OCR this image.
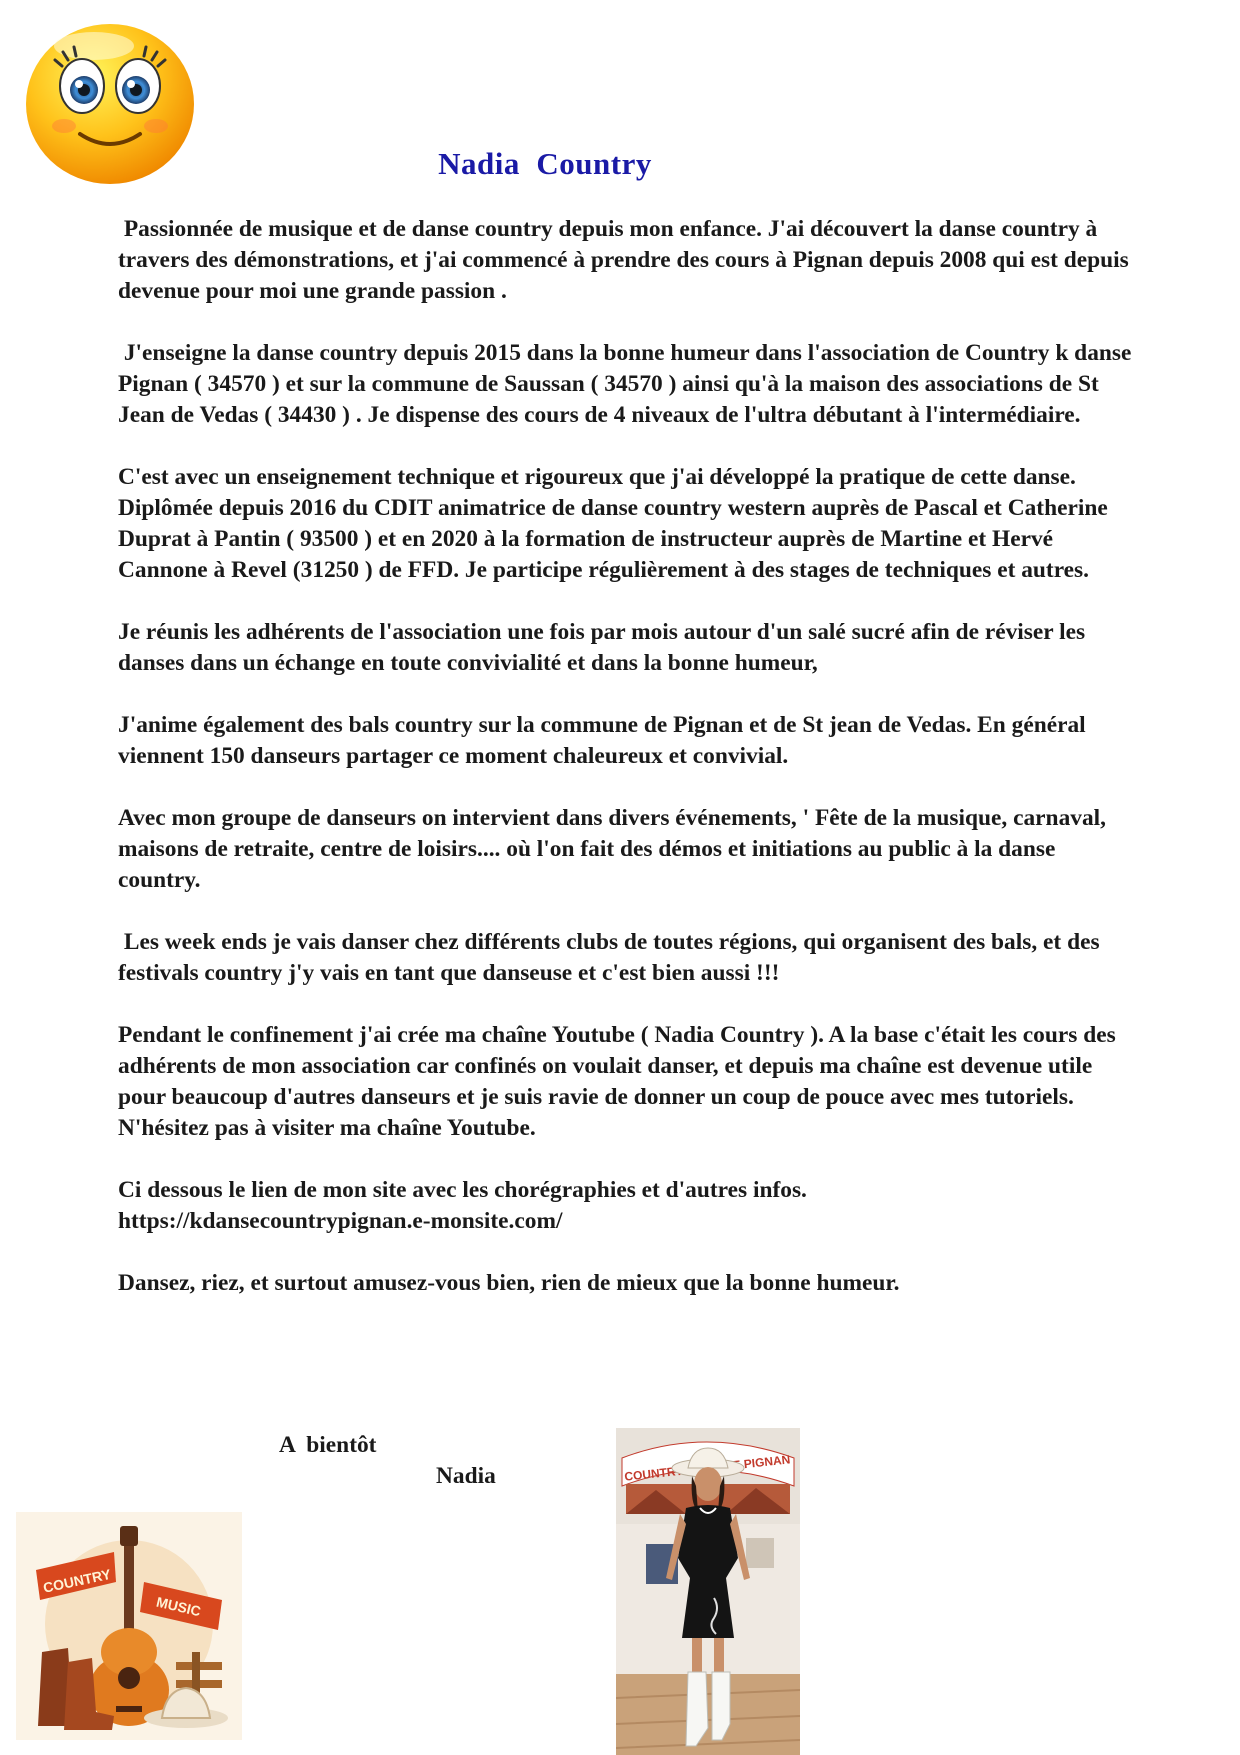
Nadia  Country

Passionnée de musique et de danse country depuis mon enfance. J'ai découvert la danse country à travers des démonstrations, et j'ai commencé à prendre des cours à Pignan depuis 2008 qui est depuis devenue pour moi une grande passion .

J'enseigne la danse country depuis 2015 dans la bonne humeur dans l'association de Country k danse Pignan ( 34570 ) et sur la commune de Saussan ( 34570 ) ainsi qu'à la maison des associations de St Jean de Vedas ( 34430 ) . Je dispense des cours de 4 niveaux de l'ultra débutant à l'intermédiaire.

C'est avec un enseignement technique et rigoureux que j'ai développé la pratique de cette danse.

Diplômée depuis 2016 du CDIT animatrice de danse country western auprès de Pascal et Catherine Duprat à Pantin ( 93500 ) et en 2020 à la formation de instructeur auprès de Martine et Hervé Cannone à Revel (31250 ) de FFD. Je participe régulièrement à des stages de techniques et autres.

Je réunis les adhérents de l'association une fois par mois autour d'un salé sucré afin de réviser les danses dans un échange en toute convivialité et dans la bonne humeur,

J'anime également des bals country sur la commune de Pignan et de St jean de Vedas. En général viennent 150 danseurs partager ce moment chaleureux et convivial.

Avec mon groupe de danseurs on intervient dans divers événements, ' Fête de la musique, carnaval, maisons de retraite, centre de loisirs.... où l'on fait des démos et initiations au public à la danse country.

Les week ends je vais danser chez différents clubs de toutes régions, qui organisent des bals, et des festivals country j'y vais en tant que danseuse et c'est bien aussi !!!

Pendant le confinement j'ai crée ma chaîne Youtube ( Nadia Country ). A la base c'était les cours des adhérents de mon association car confinés on voulait danser, et depuis ma chaîne est devenue utile pour beaucoup d'autres danseurs et je suis ravie de donner un coup de pouce avec mes tutoriels. N'hésitez pas à visiter ma chaîne Youtube.

Ci dessous le lien de mon site avec les chorégraphies et d'autres infos.

https://kdansecountrypignan.e-monsite.com/

Dansez, riez, et surtout amusez-vous bien, rien de mieux que la bonne humeur.

A  bientôt
Nadia
COUNTRY
MUSIC
COUNTRY PIGNAN
